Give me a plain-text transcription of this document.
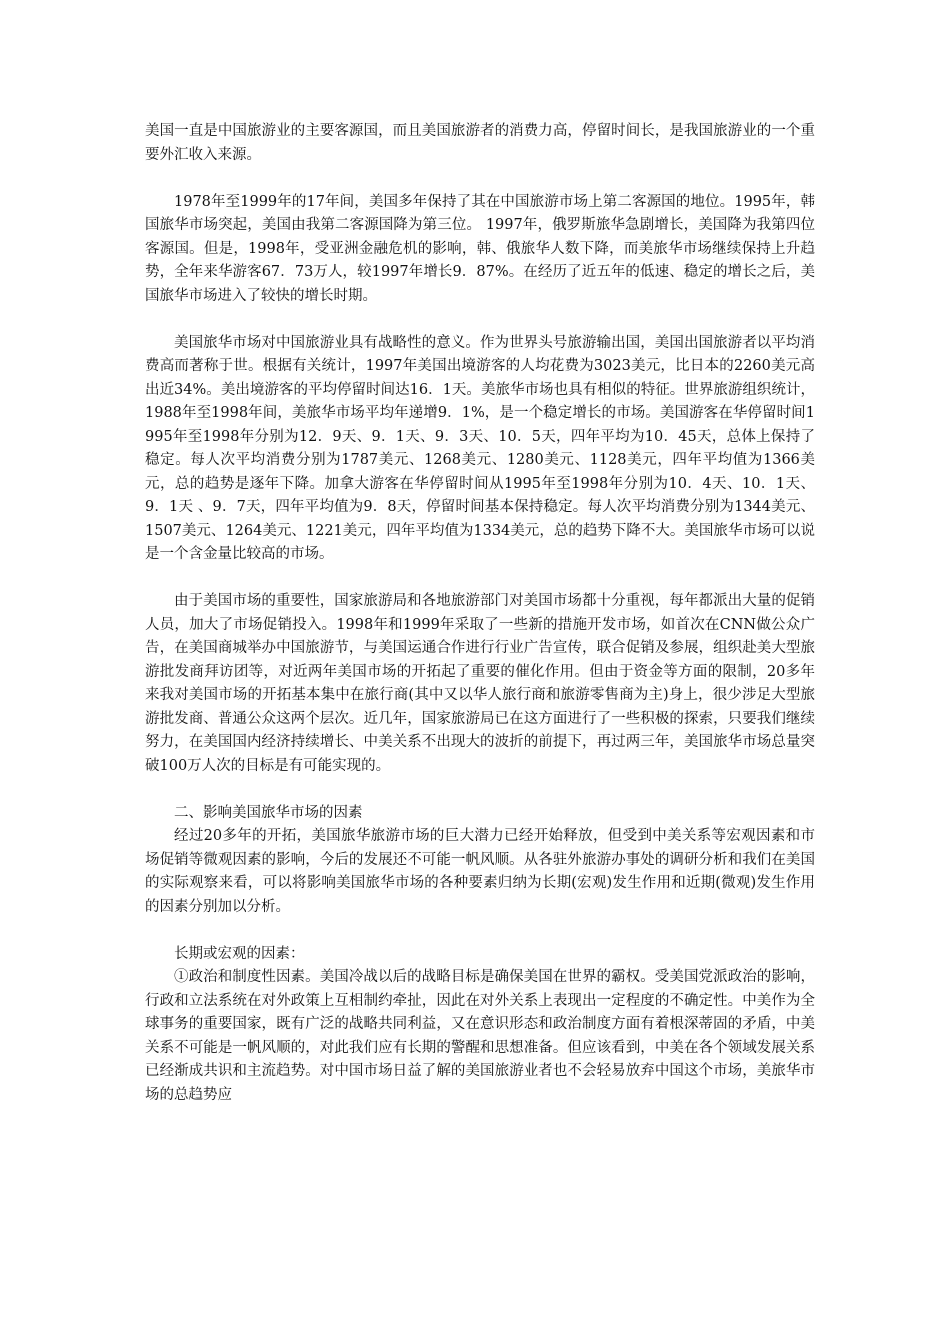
美国一直是中国旅游业的主要客源国，而且美国旅游者的消费力高，停留时间长，是我国旅游业的一个重要外汇收入来源。

1978年至1999年的17年间，美国多年保持了其在中国旅游市场上第二客源国的地位。1995年，韩国旅华市场突起，美国由我第二客源国降为第三位。 1997年，俄罗斯旅华急剧增长，美国降为我第四位客源国。但是，1998年，受亚洲金融危机的影响，韩、俄旅华人数下降，而美旅华市场继续保持上升趋势，全年来华游客67．73万人，较1997年增长9．87%。在经历了近五年的低速、稳定的增长之后，美国旅华市场进入了较快的增长时期。

美国旅华市场对中国旅游业具有战略性的意义。作为世界头号旅游输出国，美国出国旅游者以平均消费高而著称于世。根据有关统计，1997年美国出境游客的人均花费为3023美元，比日本的2260美元高出近34%。美出境游客的平均停留时间达16．1天。美旅华市场也具有相似的特征。世界旅游组织统计，1988年至1998年间，美旅华市场平均年递增9．1%，是一个稳定增长的市场。美国游客在华停留时间1995年至1998年分别为12．9天、9．1天、9．3天、10．5天，四年平均为10．45天，总体上保持了稳定。每人次平均消费分别为1787美元、1268美元、1280美元、1128美元，四年平均值为1366美元，总的趋势是逐年下降。加拿大游客在华停留时间从1995年至1998年分别为10．4天、10．1天、9．1天 、9．7天，四年平均值为9．8天，停留时间基本保持稳定。每人次平均消费分别为1344美元、1507美元、1264美元、1221美元，四年平均值为1334美元，总的趋势下降不大。美国旅华市场可以说是一个含金量比较高的市场。

由于美国市场的重要性，国家旅游局和各地旅游部门对美国市场都十分重视，每年都派出大量的促销人员，加大了市场促销投入。1998年和1999年采取了一些新的措施开发市场，如首次在CNN做公众广告，在美国商城举办中国旅游节，与美国运通合作进行行业广告宣传，联合促销及参展，组织赴美大型旅游批发商拜访团等，对近两年美国市场的开拓起了重要的催化作用。但由于资金等方面的限制，20多年来我对美国市场的开拓基本集中在旅行商(其中又以华人旅行商和旅游零售商为主)身上，很少涉足大型旅游批发商、普通公众这两个层次。近几年，国家旅游局已在这方面进行了一些积极的探索，只要我们继续努力，在美国国内经济持续增长、中美关系不出现大的波折的前提下，再过两三年，美国旅华市场总量突破100万人次的目标是有可能实现的。

二、影响美国旅华市场的因素

经过20多年的开拓，美国旅华旅游市场的巨大潜力已经开始释放，但受到中美关系等宏观因素和市场促销等微观因素的影响，今后的发展还不可能一帆风顺。从各驻外旅游办事处的调研分析和我们在美国的实际观察来看，可以将影响美国旅华市场的各种要素归纳为长期(宏观)发生作用和近期(微观)发生作用的因素分别加以分析。

长期或宏观的因素：

①政治和制度性因素。美国冷战以后的战略目标是确保美国在世界的霸权。受美国党派政治的影响，行政和立法系统在对外政策上互相制约牵扯，因此在对外关系上表现出一定程度的不确定性。中美作为全球事务的重要国家，既有广泛的战略共同利益，又在意识形态和政治制度方面有着根深蒂固的矛盾，中美关系不可能是一帆风顺的，对此我们应有长期的警醒和思想准备。但应该看到，中美在各个领域发展关系已经渐成共识和主流趋势。对中国市场日益了解的美国旅游业者也不会轻易放弃中国这个市场，美旅华市场的总趋势应
